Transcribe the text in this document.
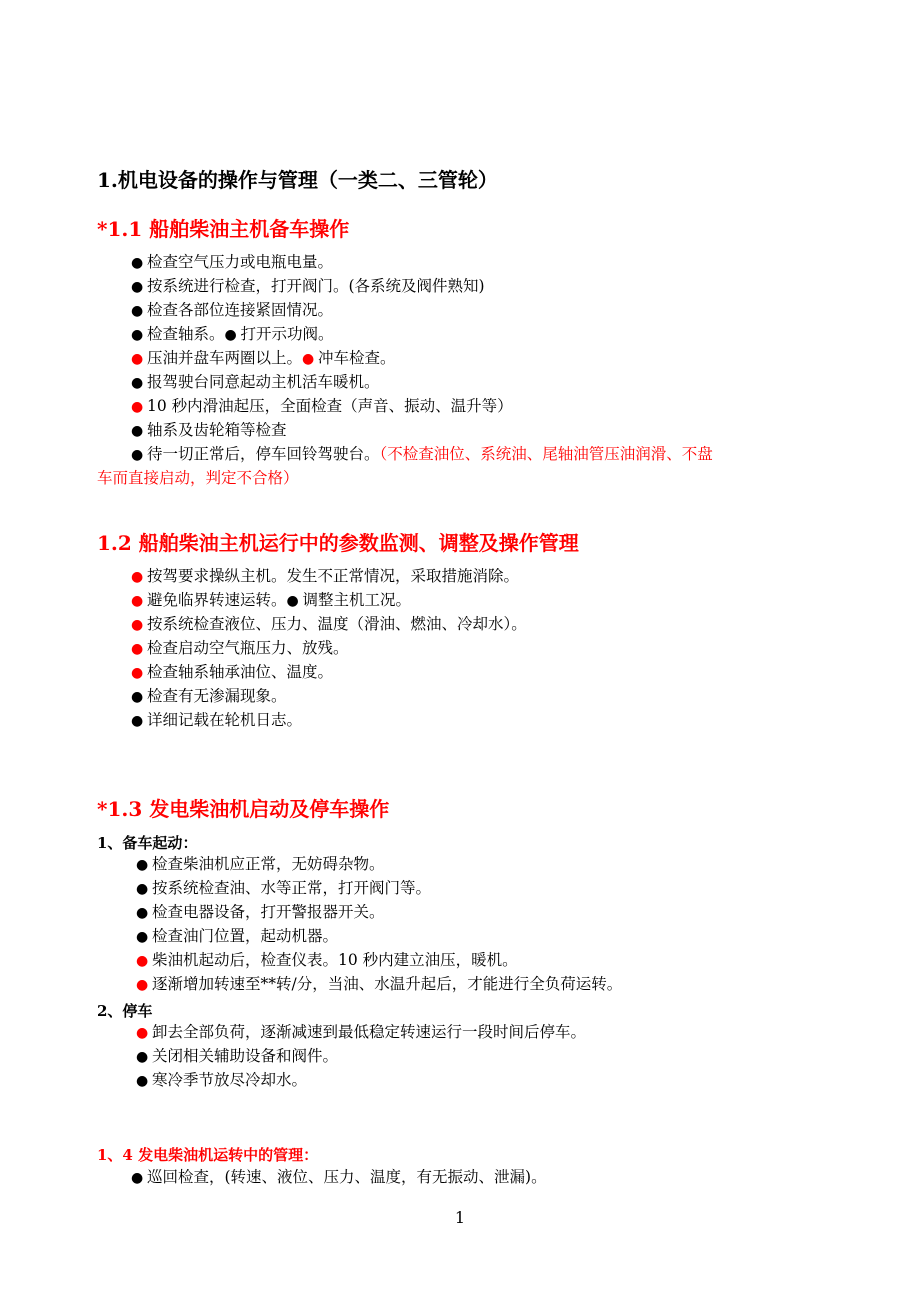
1.机电设备的操作与管理（一类二、三管轮）
*1.1 船舶柴油主机备车操作
● 检查空气压力或电瓶电量。
● 按系统进行检查，打开阀门。(各系统及阀件熟知)
● 检查各部位连接紧固情况。
● 检查轴系。● 打开示功阀。
● 压油并盘车两圈以上。● 冲车检查。
● 报驾驶台同意起动主机活车暖机。
● 10 秒内滑油起压，全面检查（声音、振动、温升等）
● 轴系及齿轮箱等检查
● 待一切正常后，停车回铃驾驶台。（不检查油位、系统油、尾轴油管压油润滑、不盘
车而直接启动，判定不合格）
1.2 船舶柴油主机运行中的参数监测、调整及操作管理
● 按驾要求操纵主机。发生不正常情况，采取措施消除。
● 避免临界转速运转。● 调整主机工况。
● 按系统检查液位、压力、温度（滑油、燃油、冷却水）。
● 检查启动空气瓶压力、放残。
● 检查轴系轴承油位、温度。
● 检查有无渗漏现象。
● 详细记载在轮机日志。
*1.3 发电柴油机启动及停车操作
1、备车起动：
● 检查柴油机应正常，无妨碍杂物。
● 按系统检查油、水等正常，打开阀门等。
● 检查电器设备，打开警报器开关。
● 检查油门位置，起动机器。
● 柴油机起动后，检查仪表。10 秒内建立油压，暖机。
● 逐渐增加转速至**转/分，当油、水温升起后，才能进行全负荷运转。
2、停车
● 卸去全部负荷，逐渐减速到最低稳定转速运行一段时间后停车。
● 关闭相关辅助设备和阀件。
● 寒冷季节放尽冷却水。
1、4 发电柴油机运转中的管理：
● 巡回检查，(转速、液位、压力、温度，有无振动、泄漏)。
1
